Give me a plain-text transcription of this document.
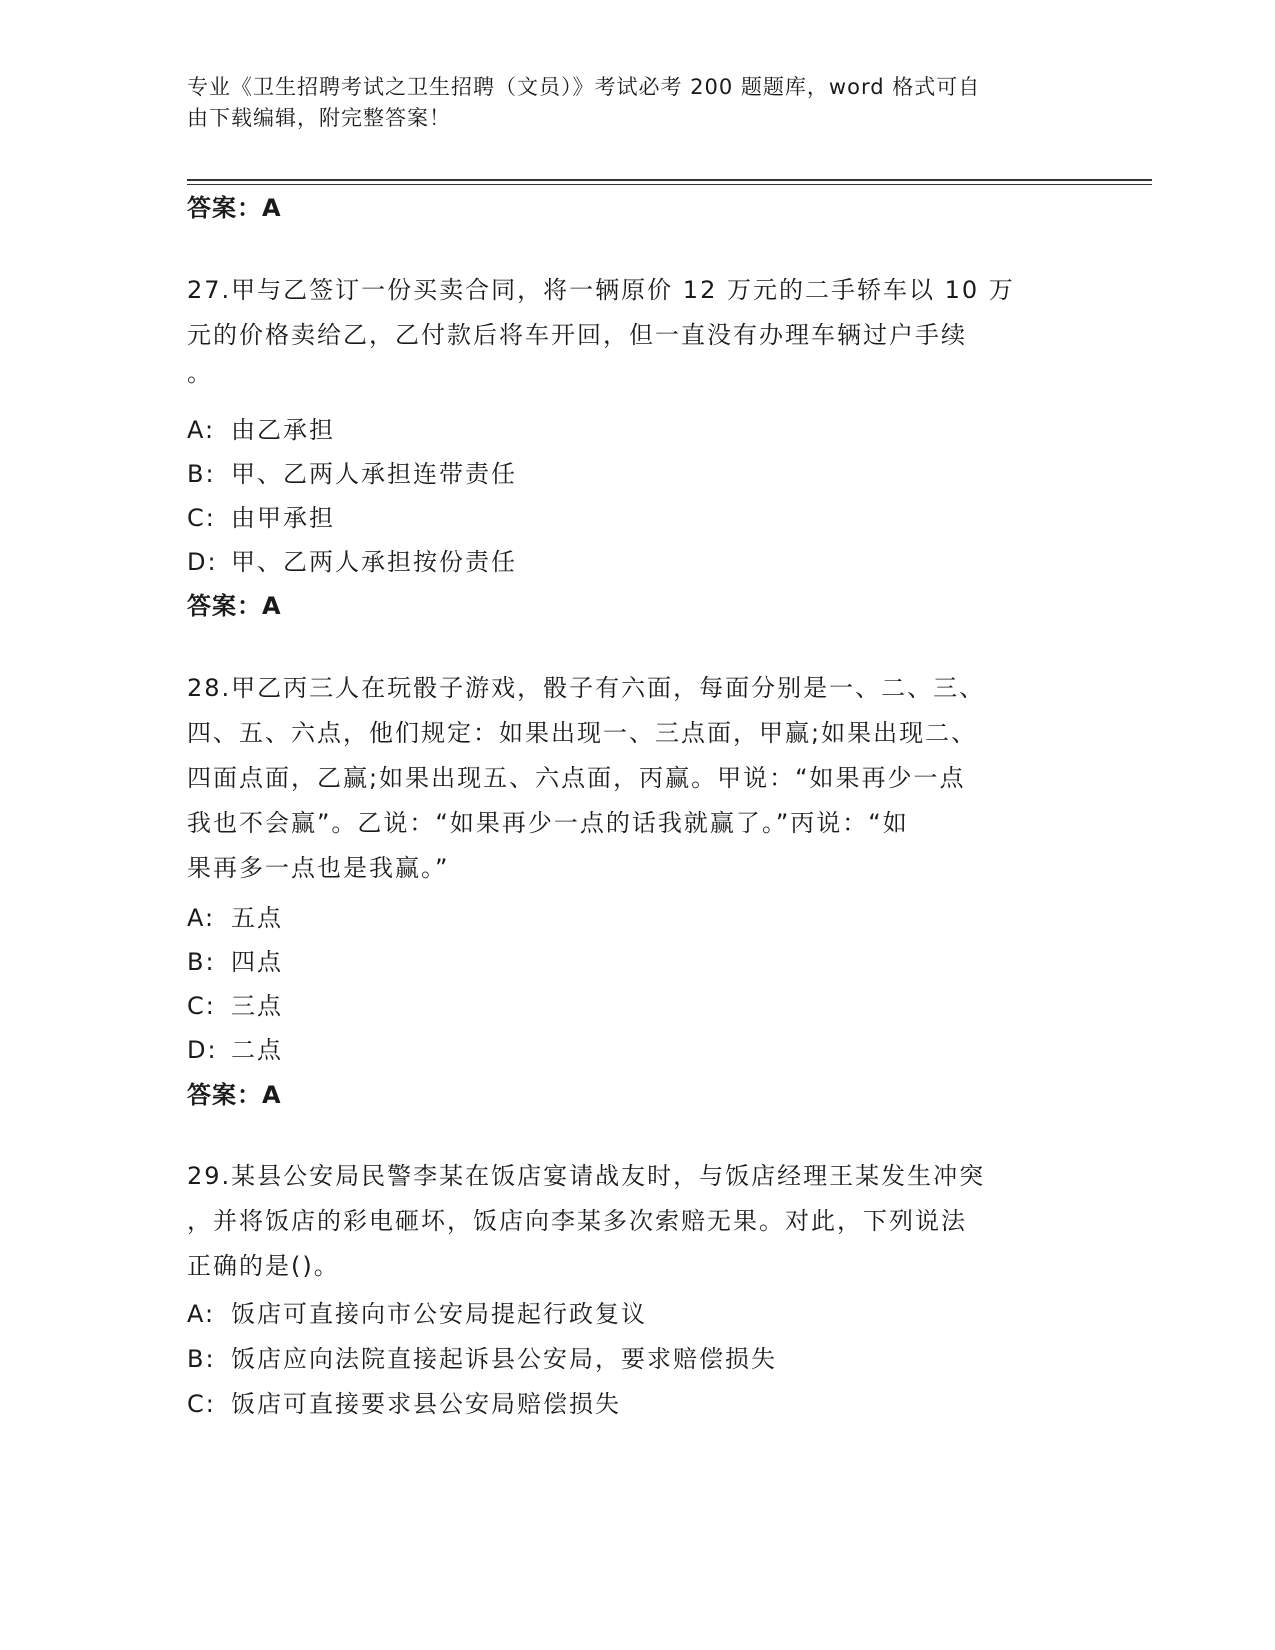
专业《卫生招聘考试之卫生招聘（文员）》考试必考 200 题题库，word 格式可自
由下载编辑，附完整答案！
答案：A
27.甲与乙签订一份买卖合同，将一辆原价 12 万元的二手轿车以 10 万
元的价格卖给乙，乙付款后将车开回，但一直没有办理车辆过户手续
。
A: 由乙承担
B: 甲、乙两人承担连带责任
C: 由甲承担
D: 甲、乙两人承担按份责任
答案：A
28.甲乙丙三人在玩骰子游戏，骰子有六面，每面分别是一、二、三、
四、五、六点，他们规定：如果出现一、三点面，甲赢;如果出现二、
四面点面，乙赢;如果出现五、六点面，丙赢。甲说：“如果再少一点
我也不会赢”。乙说：“如果再少一点的话我就赢了。”丙说：“如
果再多一点也是我赢。”
A: 五点
B: 四点
C: 三点
D: 二点
答案：A
29.某县公安局民警李某在饭店宴请战友时，与饭店经理王某发生冲突
，并将饭店的彩电砸坏，饭店向李某多次索赔无果。对此，下列说法
正确的是()。
A: 饭店可直接向市公安局提起行政复议
B: 饭店应向法院直接起诉县公安局，要求赔偿损失
C: 饭店可直接要求县公安局赔偿损失
